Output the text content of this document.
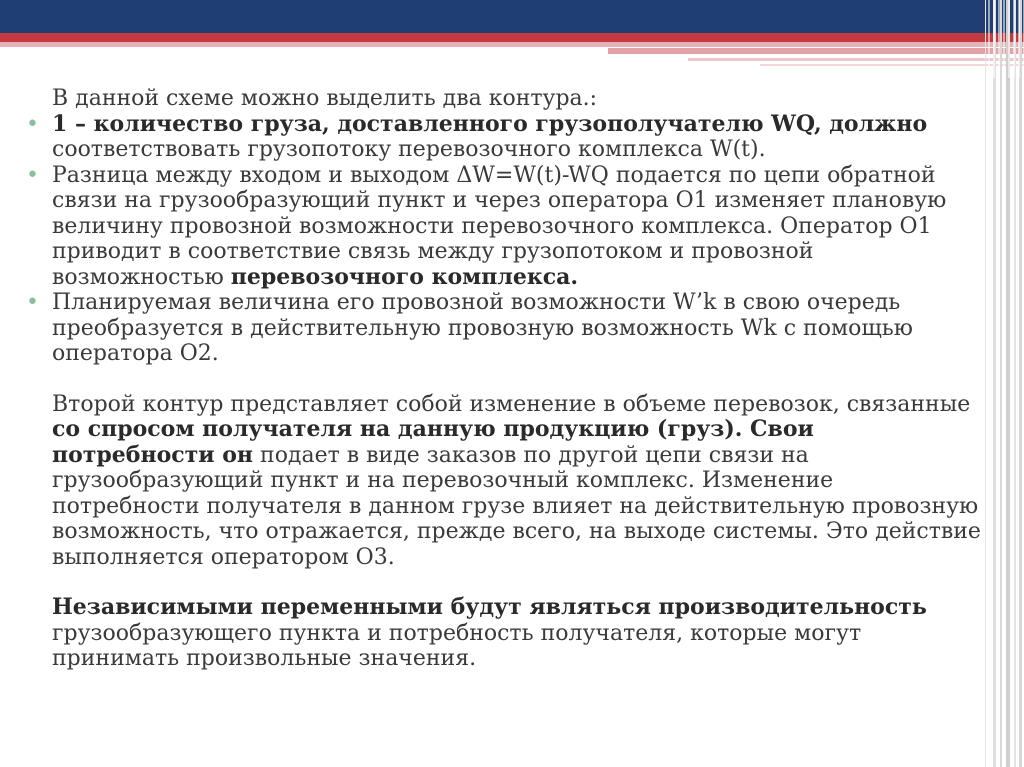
В данной схеме можно выделить два контура.:

• 1 – количество груза, доставленного грузополучателю WQ, должно соответствовать грузопотоку перевозочного комплекса W(t).

• Разница между входом и выходом ΔW=W(t)-WQ подается по цепи обратной связи на грузообразующий пункт и через оператора О1 изменяет плановую величину провозной возможности перевозочного комплекса. Оператор О1 приводит в соответствие связь между грузопотоком и провозной возможностью перевозочного комплекса.

• Планируемая величина его провозной возможности W’k в свою очередь преобразуется в действительную провозную возможность Wk с помощью оператора О2.

Второй контур представляет собой изменение в объеме перевозок, связанные со спросом получателя на данную продукцию (груз). Свои потребности он подает в виде заказов по другой цепи связи на грузообразующий пункт и на перевозочный комплекс. Изменение потребности получателя в данном грузе влияет на действительную провозную возможность, что отражается, прежде всего, на выходе системы. Это действие выполняется оператором О3.

Независимыми переменными будут являться производительность грузообразующего пункта и потребность получателя, которые могут принимать произвольные значения.
